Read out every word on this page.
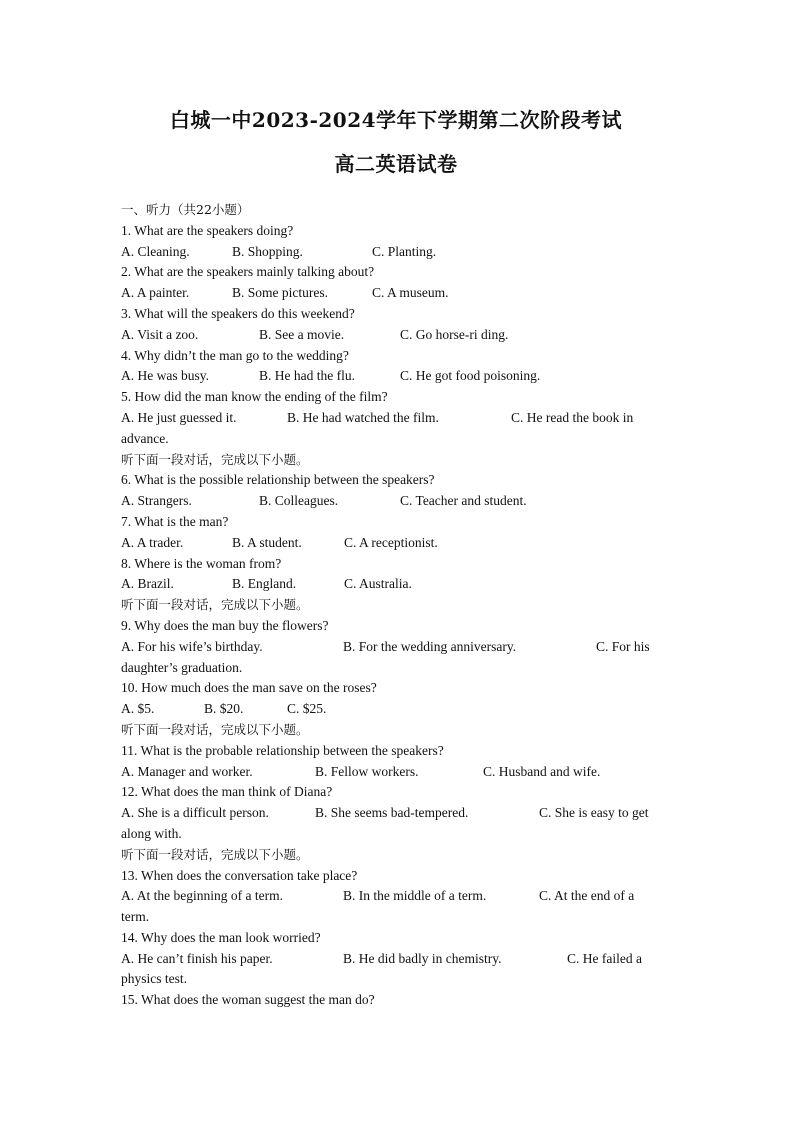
白城一中2023-2024学年下学期第二次阶段考试
高二英语试卷
一、听力（共22小题）
1. What are the speakers doing?
A. Cleaning.	B. Shopping.	C. Planting.
2. What are the speakers mainly talking about?
A. A painter.	B. Some pictures.	C. A museum.
3. What will the speakers do this weekend?
A. Visit a zoo.	B. See a movie.	C. Go horse-ri ding.
4. Why didn’t the man go to the wedding?
A. He was busy.	B. He had the flu.	C. He got food poisoning.
5. How did the man know the ending of the film?
A. He just guessed it.	B. He had watched the film.	C. He read the book in
advance.
听下面一段对话，完成以下小题。
6. What is the possible relationship between the speakers?
A. Strangers.	B. Colleagues.	C. Teacher and student.
7. What is the man?
A. A trader.	B. A student.	C. A receptionist.
8. Where is the woman from?
A. Brazil.	B. England.	C. Australia.
听下面一段对话，完成以下小题。
9. Why does the man buy the flowers?
A. For his wife’s birthday.	B. For the wedding anniversary.	C. For his
daughter’s graduation.
10. How much does the man save on the roses?
A. $5.	B. $20.	C. $25.
听下面一段对话，完成以下小题。
11. What is the probable relationship between the speakers?
A. Manager and worker.	B. Fellow workers.	C. Husband and wife.
12. What does the man think of Diana?
A. She is a difficult person.	B. She seems bad-tempered.	C. She is easy to get
along with.
听下面一段对话，完成以下小题。
13. When does the conversation take place?
A. At the beginning of a term.	B. In the middle of a term.	C. At the end of a
term.
14. Why does the man look worried?
A. He can’t finish his paper.	B. He did badly in chemistry.	C. He failed a
physics test.
15. What does the woman suggest the man do?
